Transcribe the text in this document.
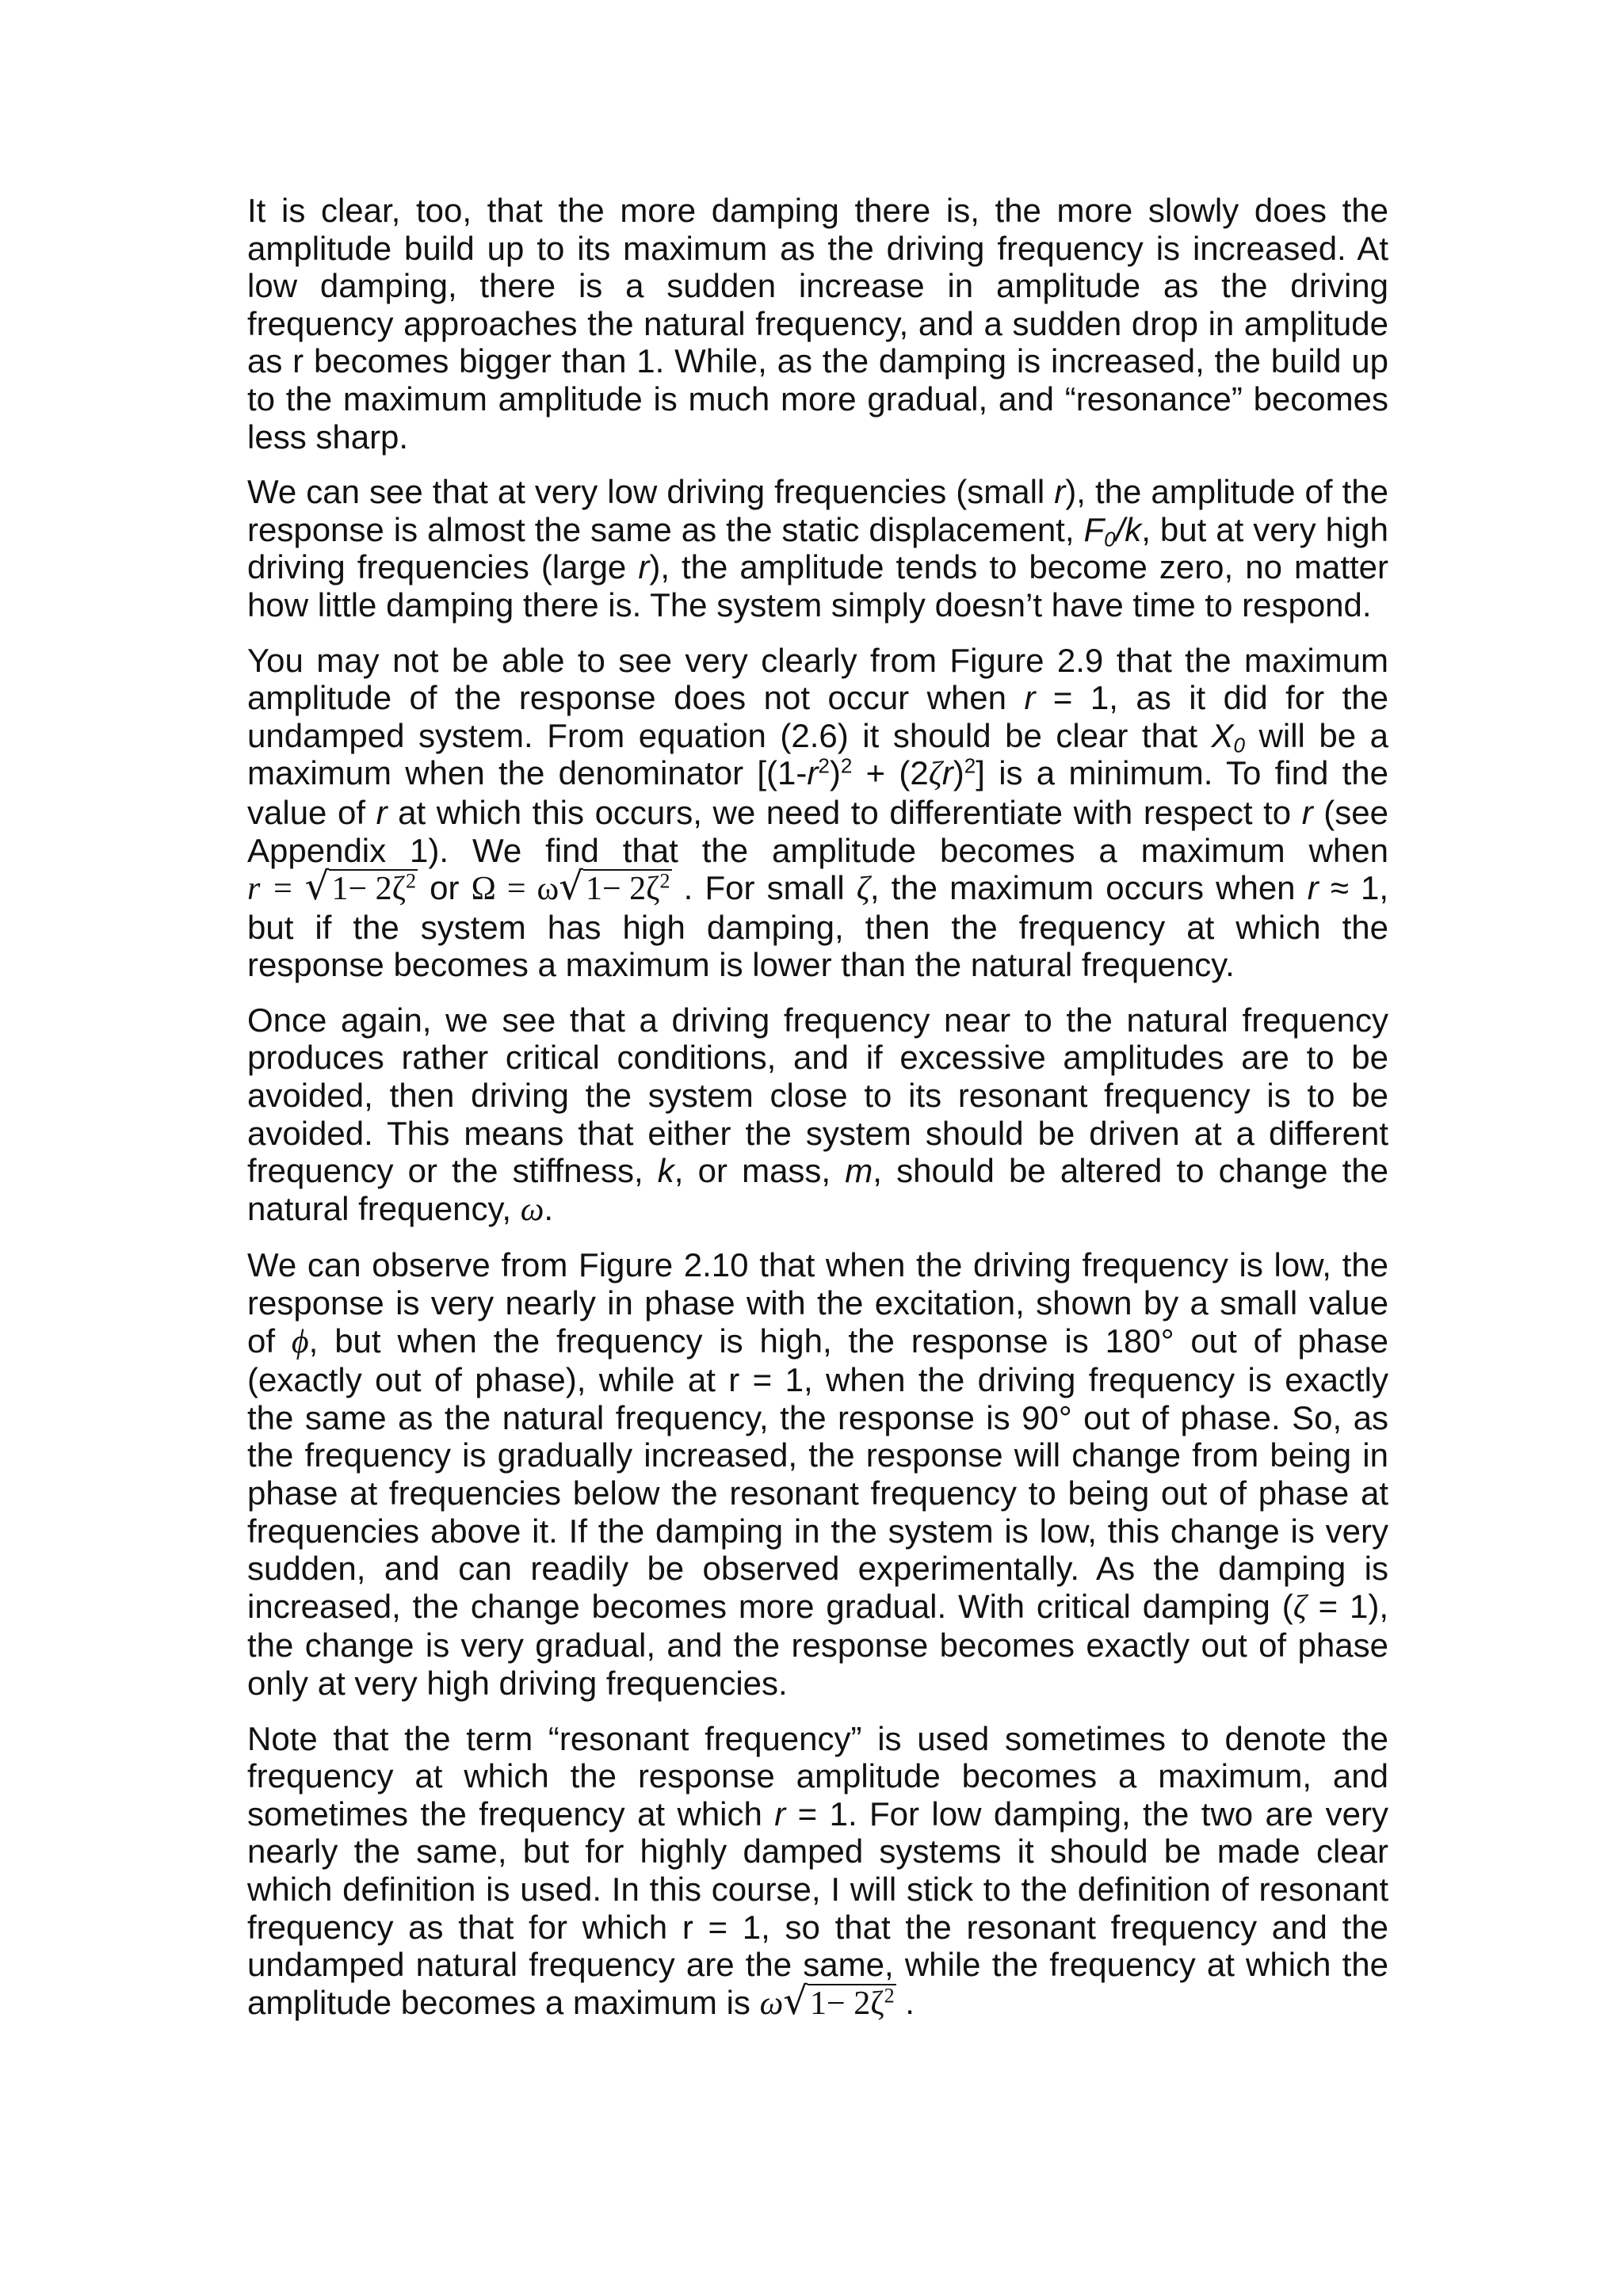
It is clear, too, that the more damping there is, the more slowly does the amplitude build up to its maximum as the driving frequency is increased. At low damping, there is a sudden increase in amplitude as the driving frequency approaches the natural frequency, and a sudden drop in amplitude as r becomes bigger than 1. While, as the damping is increased, the build up to the maximum amplitude is much more gradual, and “resonance” becomes less sharp.

We can see that at very low driving frequencies (small r), the amplitude of the response is almost the same as the static displacement, $F_0/k$, but at very high driving frequencies (large r), the amplitude tends to become zero, no matter how little damping there is. The system simply doesn’t have time to respond.

You may not be able to see very clearly from Figure 2.9 that the maximum amplitude of the response does not occur when r = 1, as it did for the undamped system. From equation (2.6) it should be clear that $X_0$ will be a maximum when the denominator $[(1-r^2)^2 + (2\zeta r)^2]$ is a minimum. To find the value of r at which this occurs, we need to differentiate with respect to r (see Appendix 1). We find that the amplitude becomes a maximum when $r = √1- 2\zeta^2$ or $\Omega = \omega√1- 2\zeta^2$ . For small ζ, the maximum occurs when r ≈ 1, but if the system has high damping, then the frequency at which the response becomes a maximum is lower than the natural frequency.

Once again, we see that a driving frequency near to the natural frequency produces rather critical conditions, and if excessive amplitudes are to be avoided, then driving the system close to its resonant frequency is to be avoided. This means that either the system should be driven at a different frequency or the stiffness, k, or mass, m, should be altered to change the natural frequency, ω.

We can observe from Figure 2.10 that when the driving frequency is low, the response is very nearly in phase with the excitation, shown by a small value of ϕ, but when the frequency is high, the response is 180° out of phase (exactly out of phase), while at r = 1, when the driving frequency is exactly the same as the natural frequency, the response is 90° out of phase. So, as the frequency is gradually increased, the response will change from being in phase at frequencies below the resonant frequency to being out of phase at frequencies above it. If the damping in the system is low, this change is very sudden, and can readily be observed experimentally. As the damping is increased, the change becomes more gradual. With critical damping (ζ = 1), the change is very gradual, and the response becomes exactly out of phase only at very high driving frequencies.

Note that the term “resonant frequency” is used sometimes to denote the frequency at which the response amplitude becomes a maximum, and sometimes the frequency at which r = 1. For low damping, the two are very nearly the same, but for highly damped systems it should be made clear which definition is used. In this course, I will stick to the definition of resonant frequency as that for which r = 1, so that the resonant frequency and the undamped natural frequency are the same, while the frequency at which the amplitude becomes a maximum is $\omega√1- 2\zeta^2$ .
